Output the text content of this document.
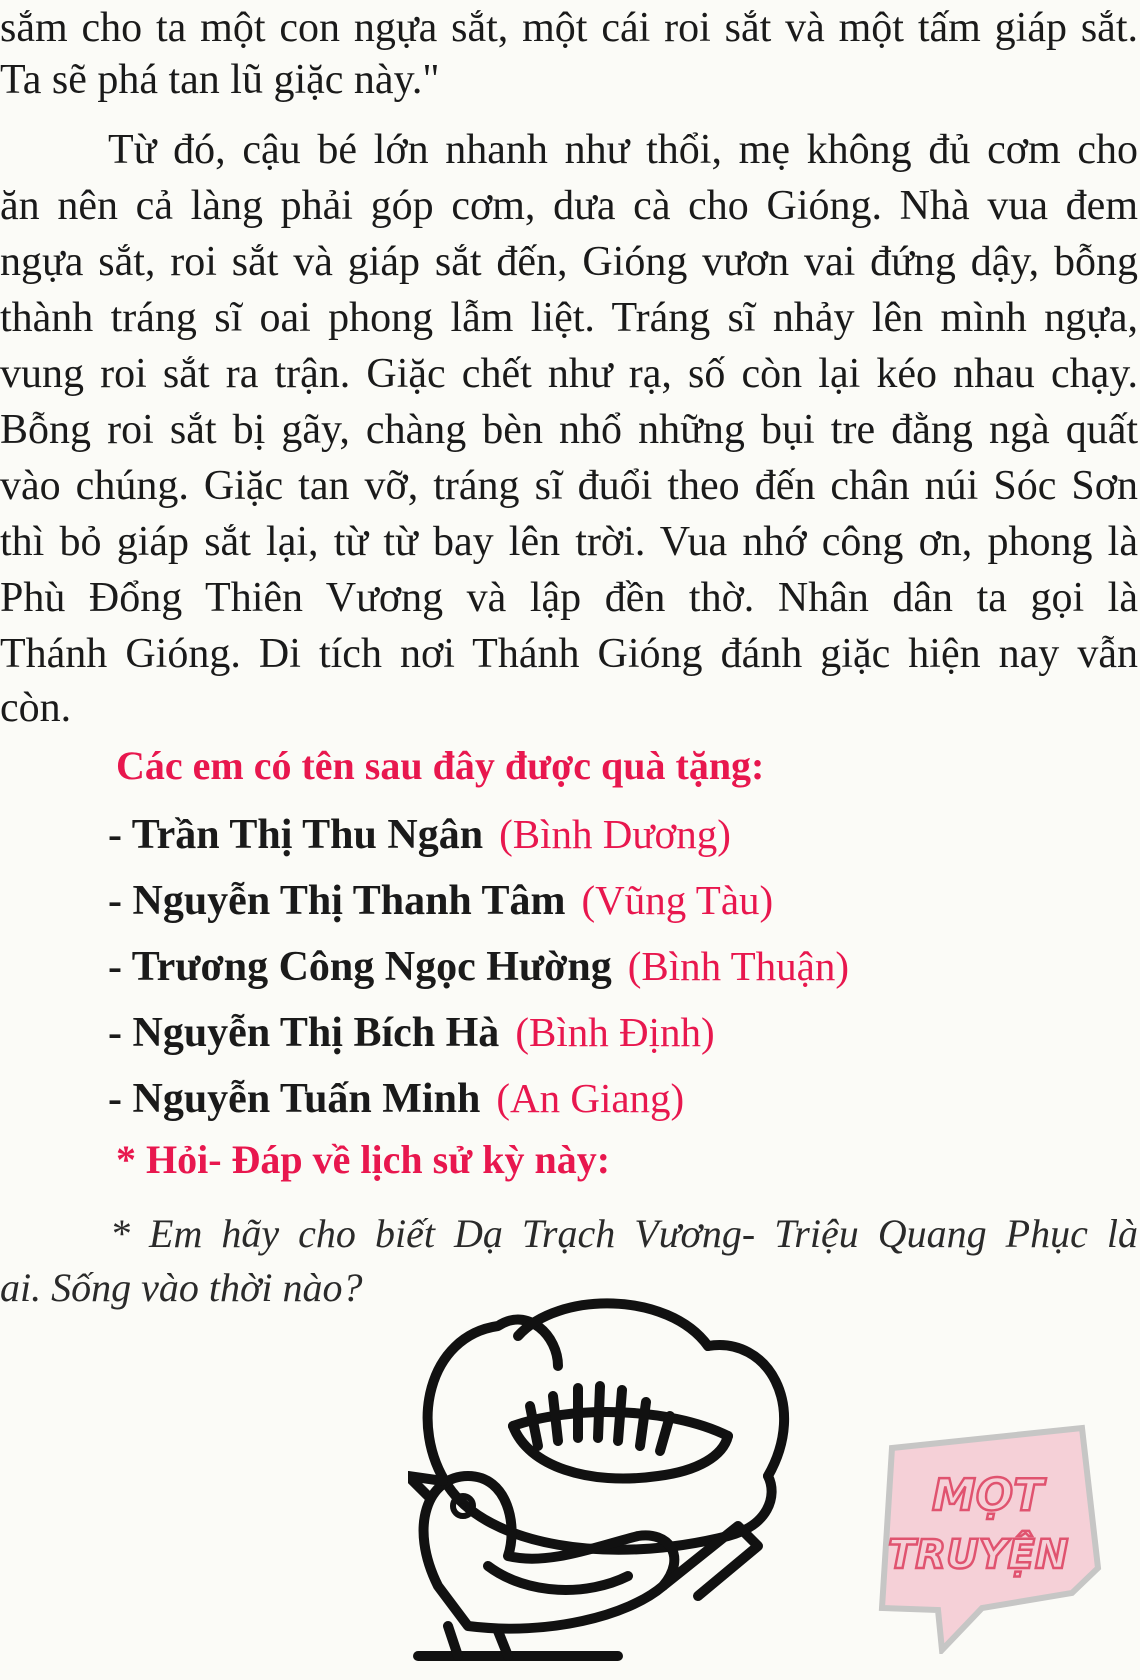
sắm cho ta một con ngựa sắt, một cái roi sắt và một tấm giáp sắt.

Ta sẽ phá tan lũ giặc này."

Từ đó, cậu bé lớn nhanh như thổi, mẹ không đủ cơm cho

ăn nên cả làng phải góp cơm, dưa cà cho Gióng. Nhà vua đem

ngựa sắt, roi sắt và giáp sắt đến, Gióng vươn vai đứng dậy, bỗng

thành tráng sĩ oai phong lẫm liệt. Tráng sĩ nhảy lên mình ngựa,

vung roi sắt ra trận. Giặc chết như rạ, số còn lại kéo nhau chạy.

Bỗng roi sắt bị gãy, chàng bèn nhổ những bụi tre đằng ngà quất

vào chúng. Giặc tan vỡ, tráng sĩ đuổi theo đến chân núi Sóc Sơn

thì bỏ giáp sắt lại, từ từ bay lên trời. Vua nhớ công ơn, phong là

Phù Đổng Thiên Vương và lập đền thờ. Nhân dân ta gọi là

Thánh Gióng. Di tích nơi Thánh Gióng đánh giặc hiện nay vẫn

còn.

Các em có tên sau đây được quà tặng:
- Trần Thị Thu Ngân (Bình Dương)
- Nguyễn Thị Thanh Tâm (Vũng Tàu)
- Trương Công Ngọc Hường (Bình Thuận)
- Nguyễn Thị Bích Hà (Bình Định)
- Nguyễn Tuấn Minh (An Giang)
* Hỏi- Đáp về lịch sử kỳ này:
* Em hãy cho biết Dạ Trạch Vương- Triệu Quang Phục là
ai. Sống vào thời nào?
MỌT
TRUYỆN
